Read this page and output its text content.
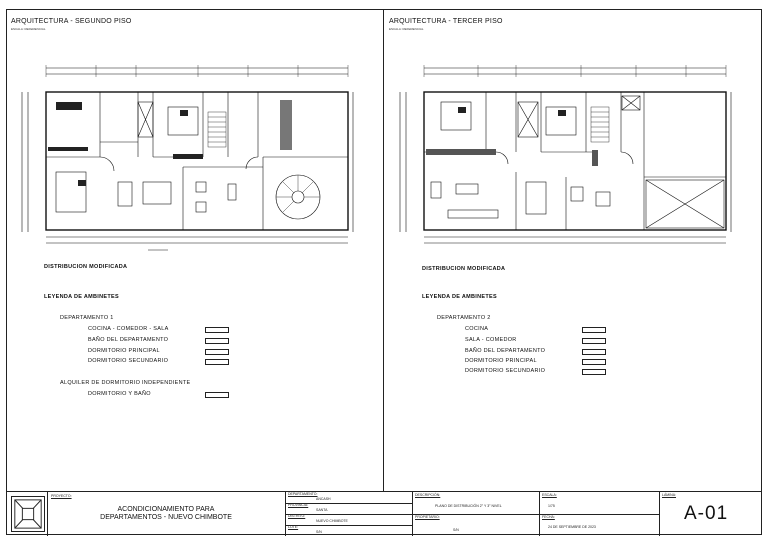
ARQUITECTURA - SEGUNDO PISO
ESCALA: REFERENCIAL
ARQUITECTURA - TERCER PISO
ESCALA: REFERENCIAL
DISTRIBUCION MODIFICADA	DISTRIBUCION MODIFICADA
LEYENDA DE AMBINETES
DEPARTAMENTO 1
COCINA - COMEDOR - SALA
BAÑO DEL DEPARTAMENTO
DORMITORIO PRINCIPAL
DORMITORIO SECUNDARIO
ALQUILER DE DORMITORIO INDEPENDIENTE
DORMITORIO Y BAÑO
LEYENDA DE AMBINETES
DEPARTAMENTO 2
COCINA
SALA - COMEDOR
BAÑO DEL DEPARTAMENTO
DORMITORIO PRINCIPAL
DORMITORIO SECUNDARIO
PROYECTO:
ACONDICIONAMIENTO PARA
DEPARTAMENTOS - NUEVO CHIMBOTE
DEPARTAMENTO:
ANCASH
PROVINCIA:
SANTA
DISTRITO:
NUEVO CHIMBOTE
LOTE:
S/N
DESCRIPCIÓN:
PLANO DE DISTRIBUCIÓN 2° Y 3° NIVEL
PROPIETARIO:
S/N
ESCALA:
1/75
FECHA:
24 DE SEPTIEMBRE DE 2023
LÁMINA:
A-01
